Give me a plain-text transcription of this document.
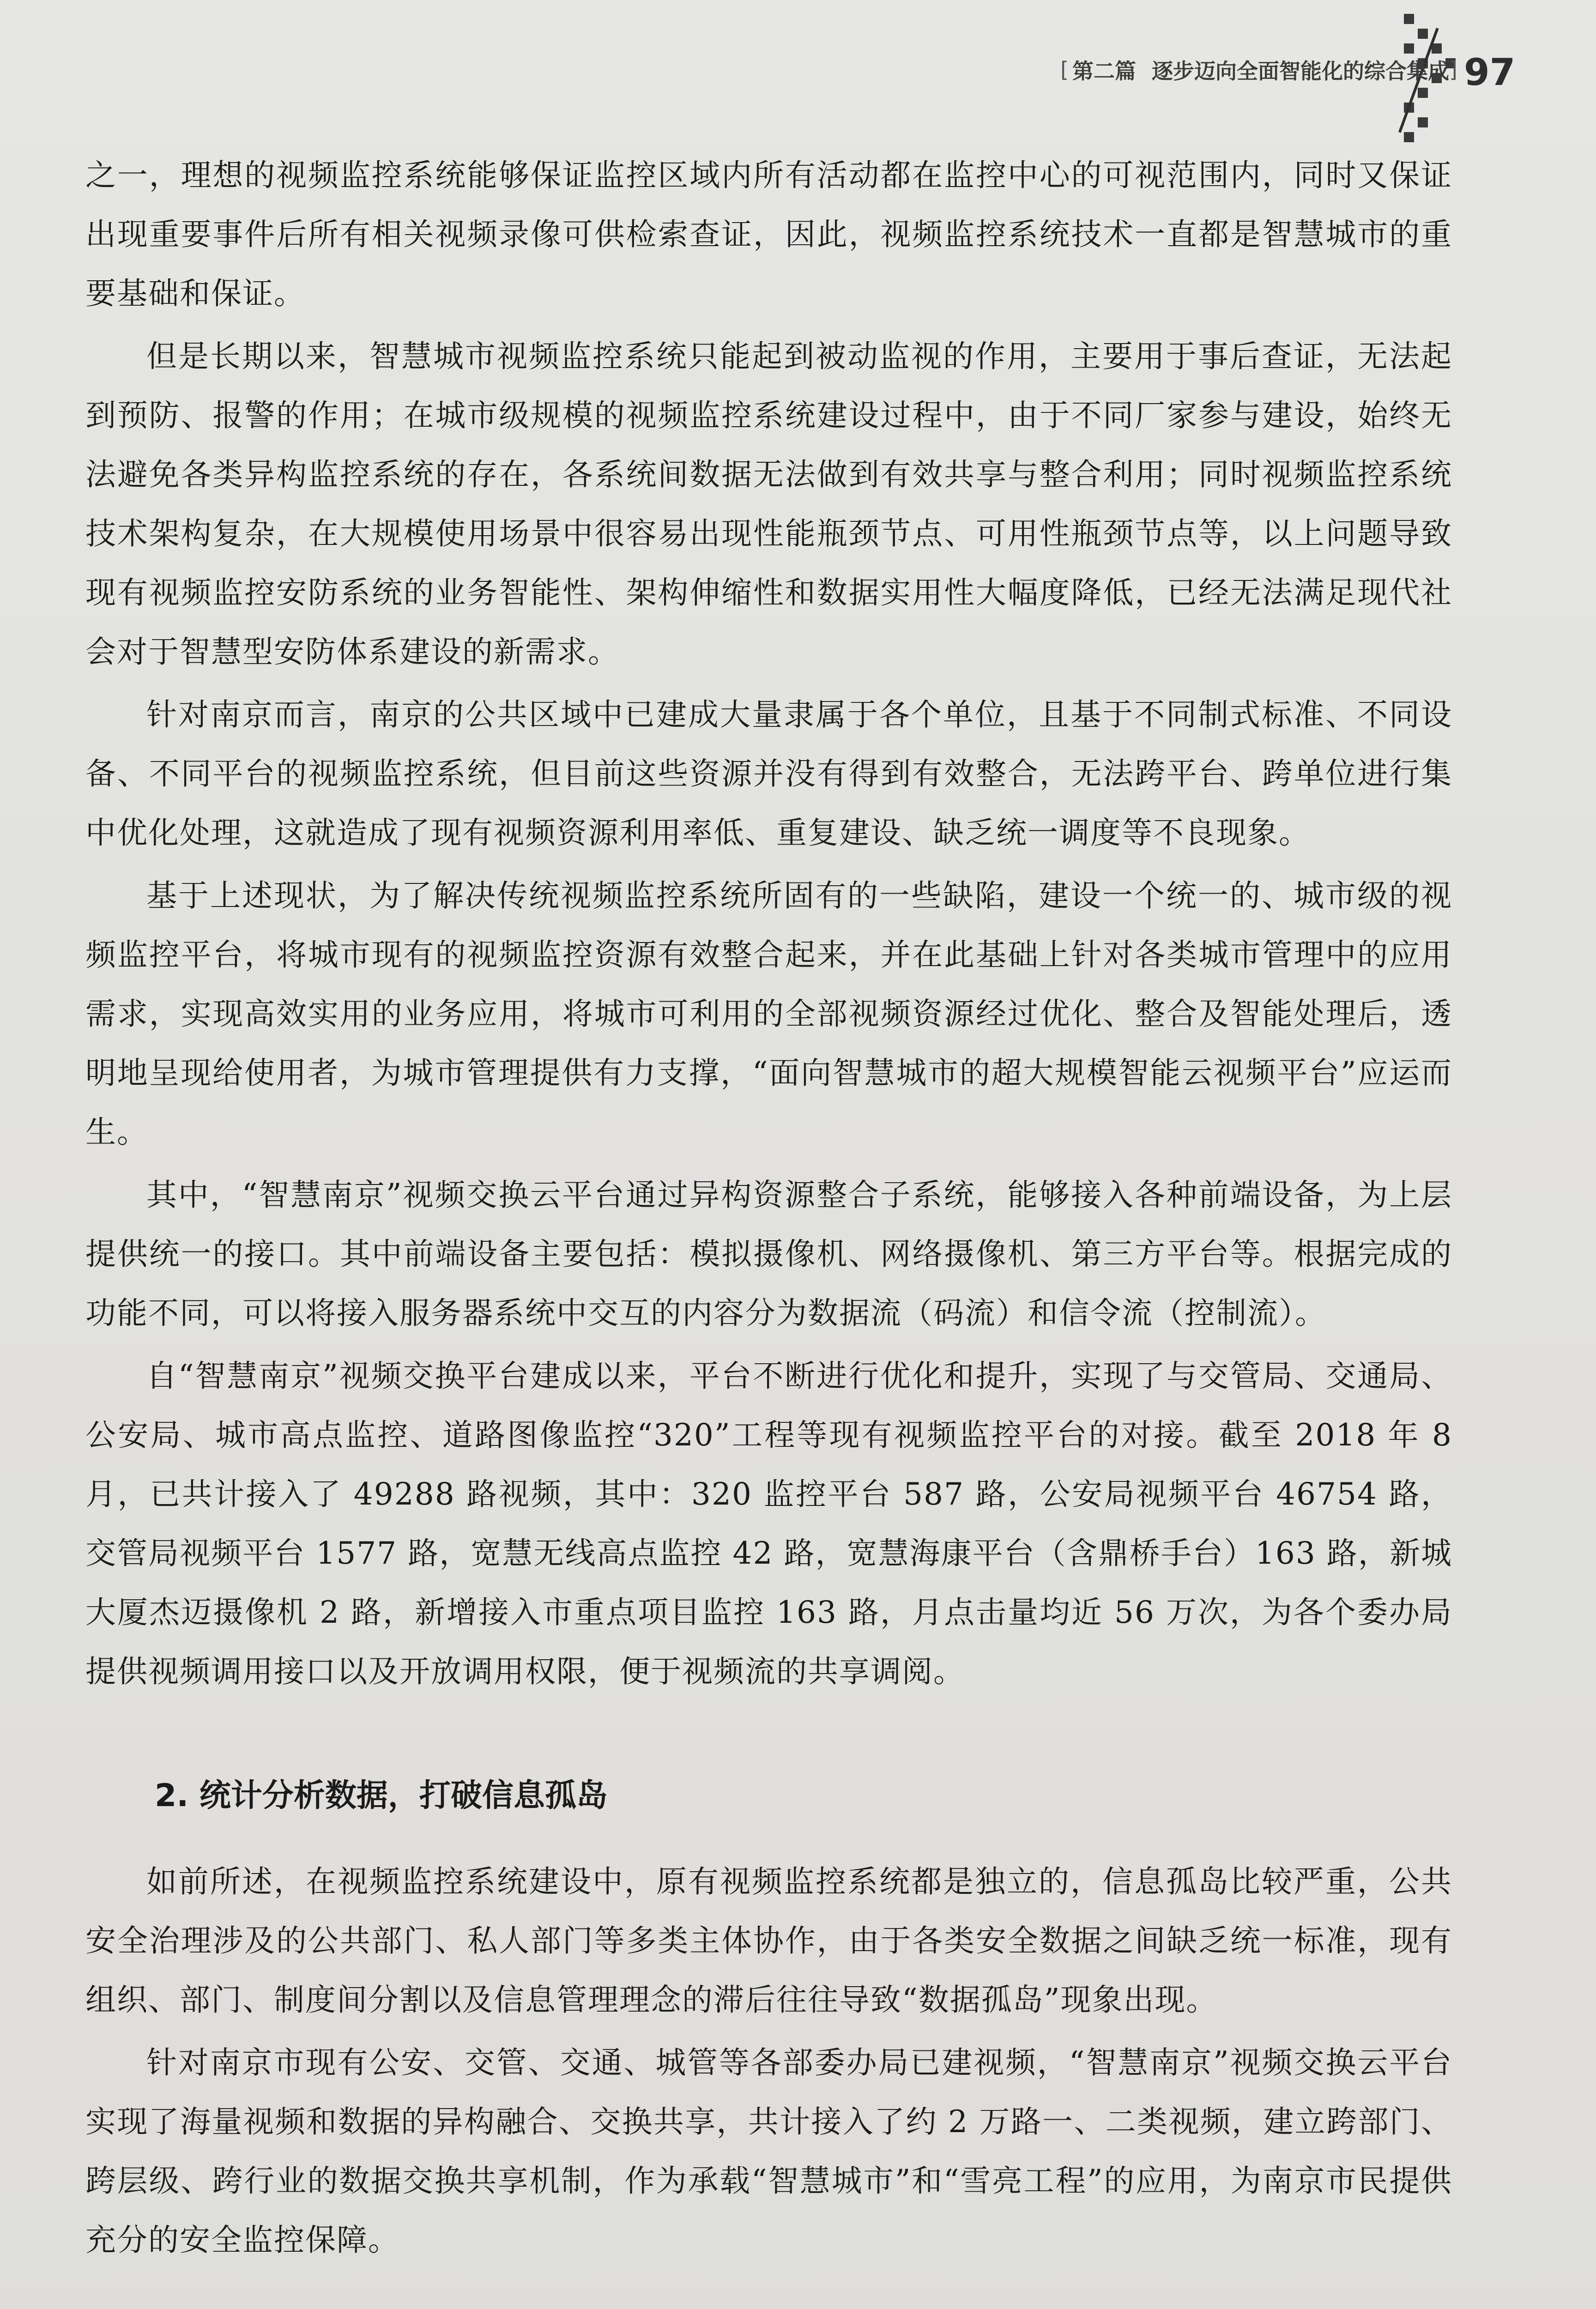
[ 第二篇 逐步迈向全面智能化的综合集成 ] 97

之一，理想的视频监控系统能够保证监控区域内所有活动都在监控中心的可视范围内，同时又保证出现重要事件后所有相关视频录像可供检索查证，因此，视频监控系统技术一直都是智慧城市的重要基础和保证。

但是长期以来，智慧城市视频监控系统只能起到被动监视的作用，主要用于事后查证，无法起到预防、报警的作用；在城市级规模的视频监控系统建设过程中，由于不同厂家参与建设，始终无法避免各类异构监控系统的存在，各系统间数据无法做到有效共享与整合利用；同时视频监控系统技术架构复杂，在大规模使用场景中很容易出现性能瓶颈节点、可用性瓶颈节点等，以上问题导致现有视频监控安防系统的业务智能性、架构伸缩性和数据实用性大幅度降低，已经无法满足现代社会对于智慧型安防体系建设的新需求。

针对南京而言，南京的公共区域中已建成大量隶属于各个单位，且基于不同制式标准、不同设备、不同平台的视频监控系统，但目前这些资源并没有得到有效整合，无法跨平台、跨单位进行集中优化处理，这就造成了现有视频资源利用率低、重复建设、缺乏统一调度等不良现象。

基于上述现状，为了解决传统视频监控系统所固有的一些缺陷，建设一个统一的、城市级的视频监控平台，将城市现有的视频监控资源有效整合起来，并在此基础上针对各类城市管理中的应用需求，实现高效实用的业务应用，将城市可利用的全部视频资源经过优化、整合及智能处理后，透明地呈现给使用者，为城市管理提供有力支撑，“面向智慧城市的超大规模智能云视频平台”应运而生。

其中，“智慧南京”视频交换云平台通过异构资源整合子系统，能够接入各种前端设备，为上层提供统一的接口。其中前端设备主要包括：模拟摄像机、网络摄像机、第三方平台等。根据完成的功能不同，可以将接入服务器系统中交互的内容分为数据流（码流）和信令流（控制流）。

自“智慧南京”视频交换平台建成以来，平台不断进行优化和提升，实现了与交管局、交通局、公安局、城市高点监控、道路图像监控“320”工程等现有视频监控平台的对接。截至 2018 年 8 月，已共计接入了 49288 路视频，其中：320 监控平台 587 路，公安局视频平台 46754 路，交管局视频平台 1577 路，宽慧无线高点监控 42 路，宽慧海康平台（含鼎桥手台）163 路，新城大厦杰迈摄像机 2 路，新增接入市重点项目监控 163 路，月点击量均近 56 万次，为各个委办局提供视频调用接口以及开放调用权限，便于视频流的共享调阅。

2. 统计分析数据，打破信息孤岛

如前所述，在视频监控系统建设中，原有视频监控系统都是独立的，信息孤岛比较严重，公共安全治理涉及的公共部门、私人部门等多类主体协作，由于各类安全数据之间缺乏统一标准，现有组织、部门、制度间分割以及信息管理理念的滞后往往导致“数据孤岛”现象出现。

针对南京市现有公安、交管、交通、城管等各部委办局已建视频，“智慧南京”视频交换云平台实现了海量视频和数据的异构融合、交换共享，共计接入了约 2 万路一、二类视频，建立跨部门、跨层级、跨行业的数据交换共享机制，作为承载“智慧城市”和“雪亮工程”的应用，为南京市民提供充分的安全监控保障。
